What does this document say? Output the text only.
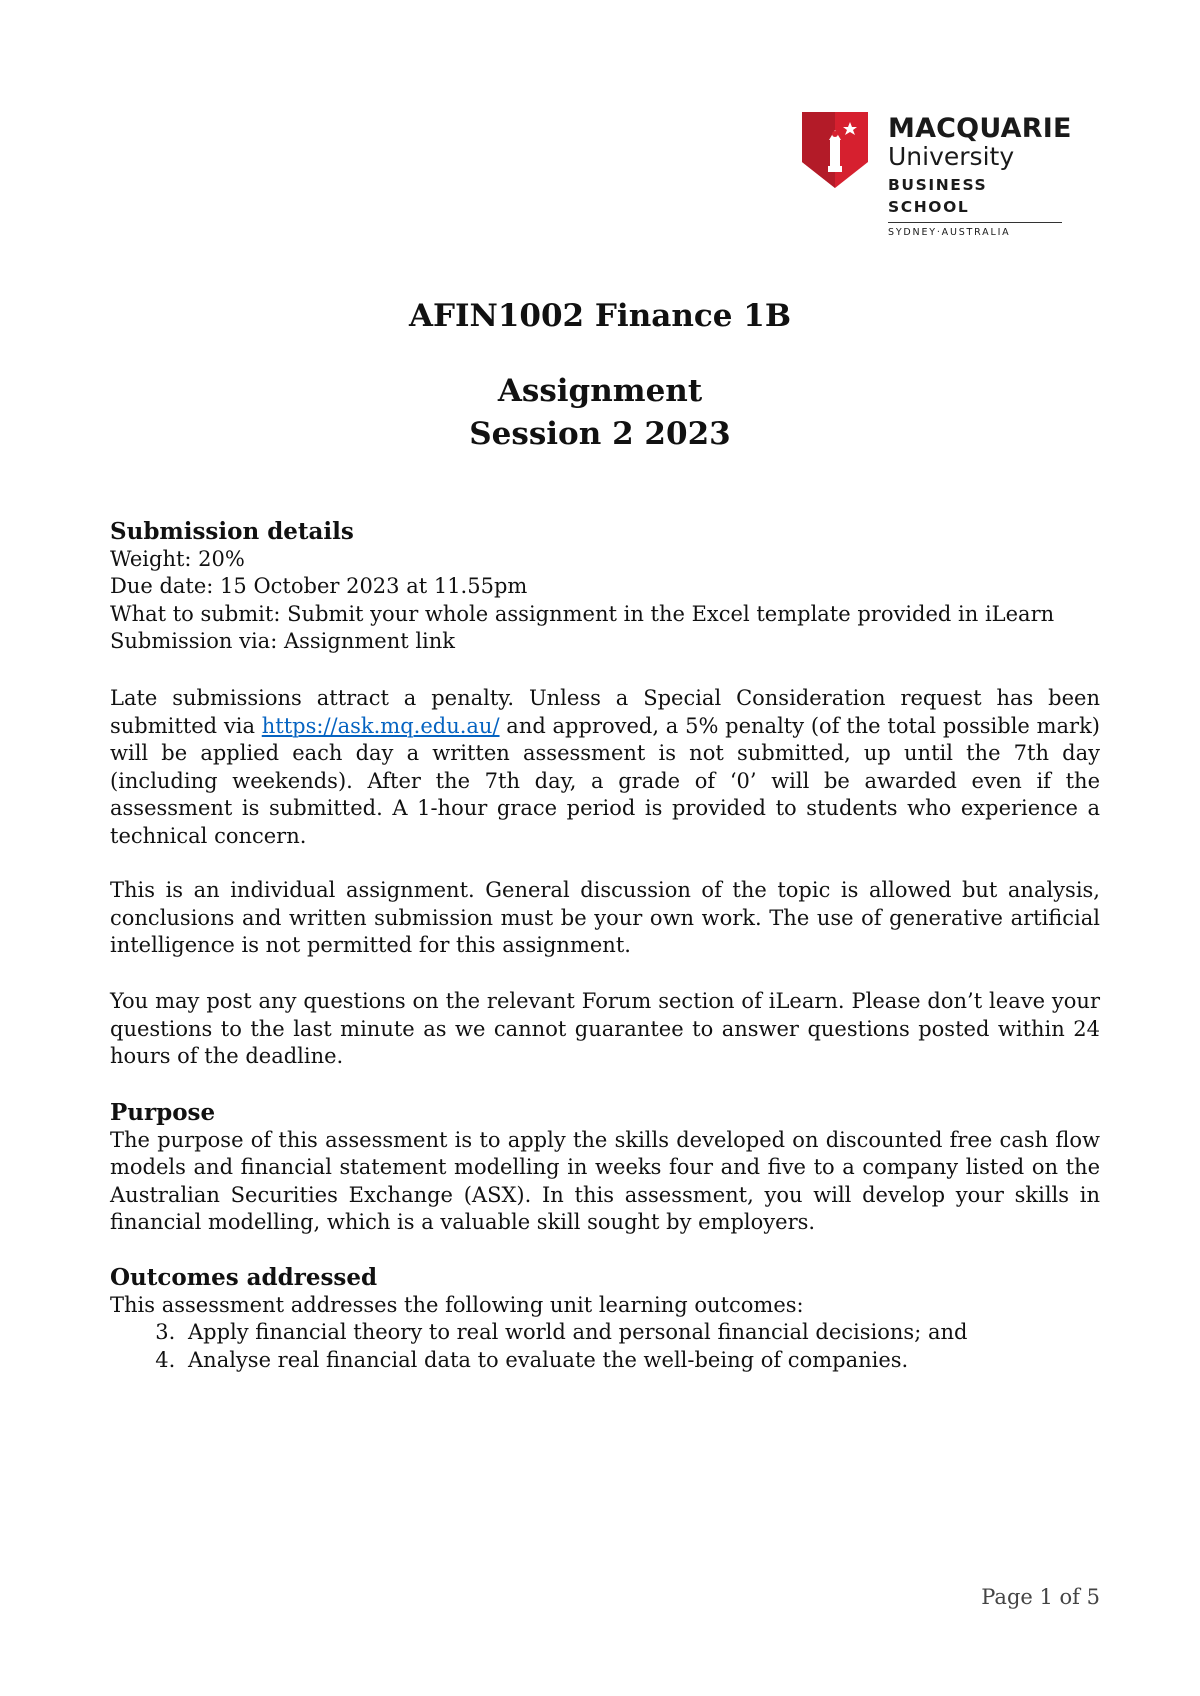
MACQUARIE
University
BUSINESS SCHOOL
SYDNEY·AUSTRALIA
AFIN1002 Finance 1B
Assignment
Session 2 2023
Submission details
Weight: 20%
Due date: 15 October 2023 at 11.55pm
What to submit: Submit your whole assignment in the Excel template provided in iLearn
Submission via: Assignment link
Late submissions attract a penalty. Unless a Special Consideration request has been submitted via https://ask.mq.edu.au/ and approved, a 5% penalty (of the total possible mark) will be applied each day a written assessment is not submitted, up until the 7th day (including weekends). After the 7th day, a grade of ‘0’ will be awarded even if the assessment is submitted. A 1-hour grace period is provided to students who experience a technical concern.
This is an individual assignment. General discussion of the topic is allowed but analysis, conclusions and written submission must be your own work. The use of generative artificial intelligence is not permitted for this assignment.
You may post any questions on the relevant Forum section of iLearn. Please don’t leave your questions to the last minute as we cannot guarantee to answer questions posted within 24 hours of the deadline.
Purpose
The purpose of this assessment is to apply the skills developed on discounted free cash flow models and financial statement modelling in weeks four and five to a company listed on the Australian Securities Exchange (ASX). In this assessment, you will develop your skills in financial modelling, which is a valuable skill sought by employers.
Outcomes addressed
This assessment addresses the following unit learning outcomes:
3. Apply financial theory to real world and personal financial decisions; and
4. Analyse real financial data to evaluate the well-being of companies.
Page 1 of 5
